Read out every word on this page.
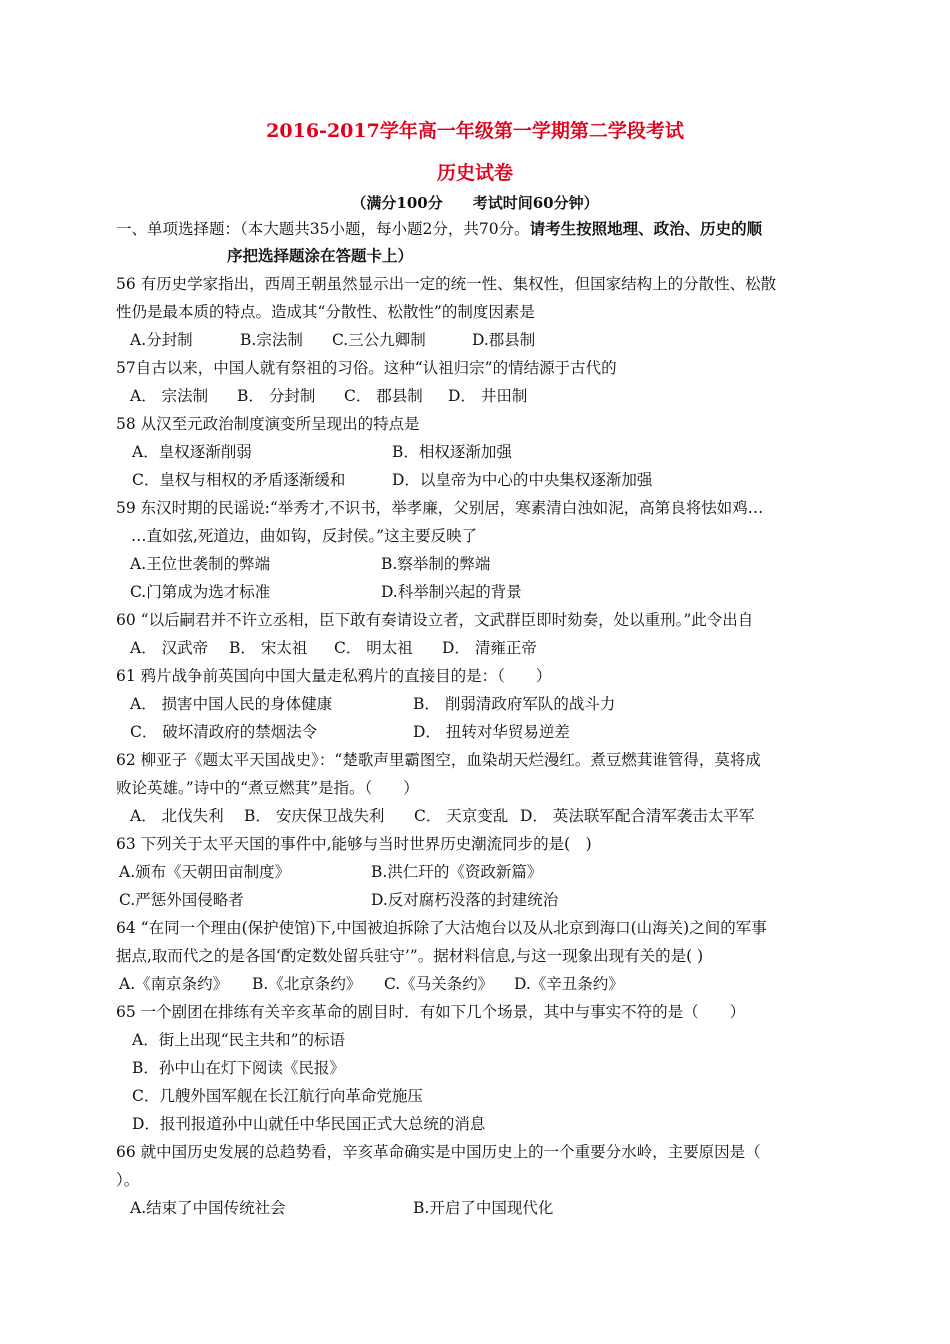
2016-2017学年高一年级第一学期第二学段考试
历史试卷
（满分100分　　考试时间60分钟）
一、单项选择题：（本大题共35小题，每小题2分，共70分。请考生按照地理、政治、历史的顺
序把选择题涂在答题卡上）
56 有历史学家指出，西周王朝虽然显示出一定的统一性、集权性，但国家结构上的分散性、松散
性仍是最本质的特点。造成其“分散性、松散性”的制度因素是
A.分封制	B.宗法制 C.三公九卿制	D.郡县制
57自古以来，中国人就有祭祖的习俗。这种“认祖归宗”的情结源于古代的
A． 宗法制 B． 分封制 C． 郡县制 D． 井田制
58 从汉至元政治制度演变所呈现出的特点是
A．皇权逐渐削弱	B．相权逐渐加强
C．皇权与相权的矛盾逐渐缓和	D．以皇帝为中心的中央集权逐渐加强
59 东汉时期的民谣说:“举秀才,不识书，举孝廉，父别居，寒素清白浊如泥，高第良将怯如鸡…
…直如弦,死道边，曲如钩，反封侯。”这主要反映了
A.王位世袭制的弊端	B.察举制的弊端
C.门第成为选才标准	D.科举制兴起的背景
60 “以后嗣君并不许立丞相，臣下敢有奏请设立者，文武群臣即时劾奏，处以重刑。”此令出自
A． 汉武帝 B． 宋太祖 C． 明太祖 D． 清雍正帝
61 鸦片战争前英国向中国大量走私鸦片的直接目的是：（　　）
A． 损害中国人民的身体健康	B． 削弱清政府军队的战斗力
C． 破坏清政府的禁烟法令	D． 扭转对华贸易逆差
62 柳亚子《题太平天国战史》：“楚歌声里霸图空，血染胡天烂漫红。煮豆燃萁谁管得，莫将成
败论英雄。”诗中的“煮豆燃萁”是指。（　　）
A． 北伐失利 B． 安庆保卫战失利 C． 天京变乱 D． 英法联军配合清军袭击太平军
63 下列关于太平天国的事件中,能够与当时世界历史潮流同步的是(　)
A.颁布《天朝田亩制度》	B.洪仁玕的《资政新篇》
C.严惩外国侵略者	D.反对腐朽没落的封建统治
64 “在同一个理由(保护使馆)下,中国被迫拆除了大沽炮台以及从北京到海口(山海关)之间的军事
据点,取而代之的是各国‘酌定数处留兵驻守’”。据材料信息,与这一现象出现有关的是( )
A.《南京条约》 B.《北京条约》 C.《马关条约》 D.《辛丑条约》
65 一个剧团在排练有关辛亥革命的剧目时．有如下几个场景，其中与事实不符的是（　　）
A．街上出现“民主共和”的标语
B．孙中山在灯下阅读《民报》
C．几艘外国军舰在长江航行向革命党施压
D．报刊报道孙中山就任中华民国正式大总统的消息
66 就中国历史发展的总趋势看，辛亥革命确实是中国历史上的一个重要分水岭，主要原因是（
）。
A.结束了中国传统社会	B.开启了中国现代化
